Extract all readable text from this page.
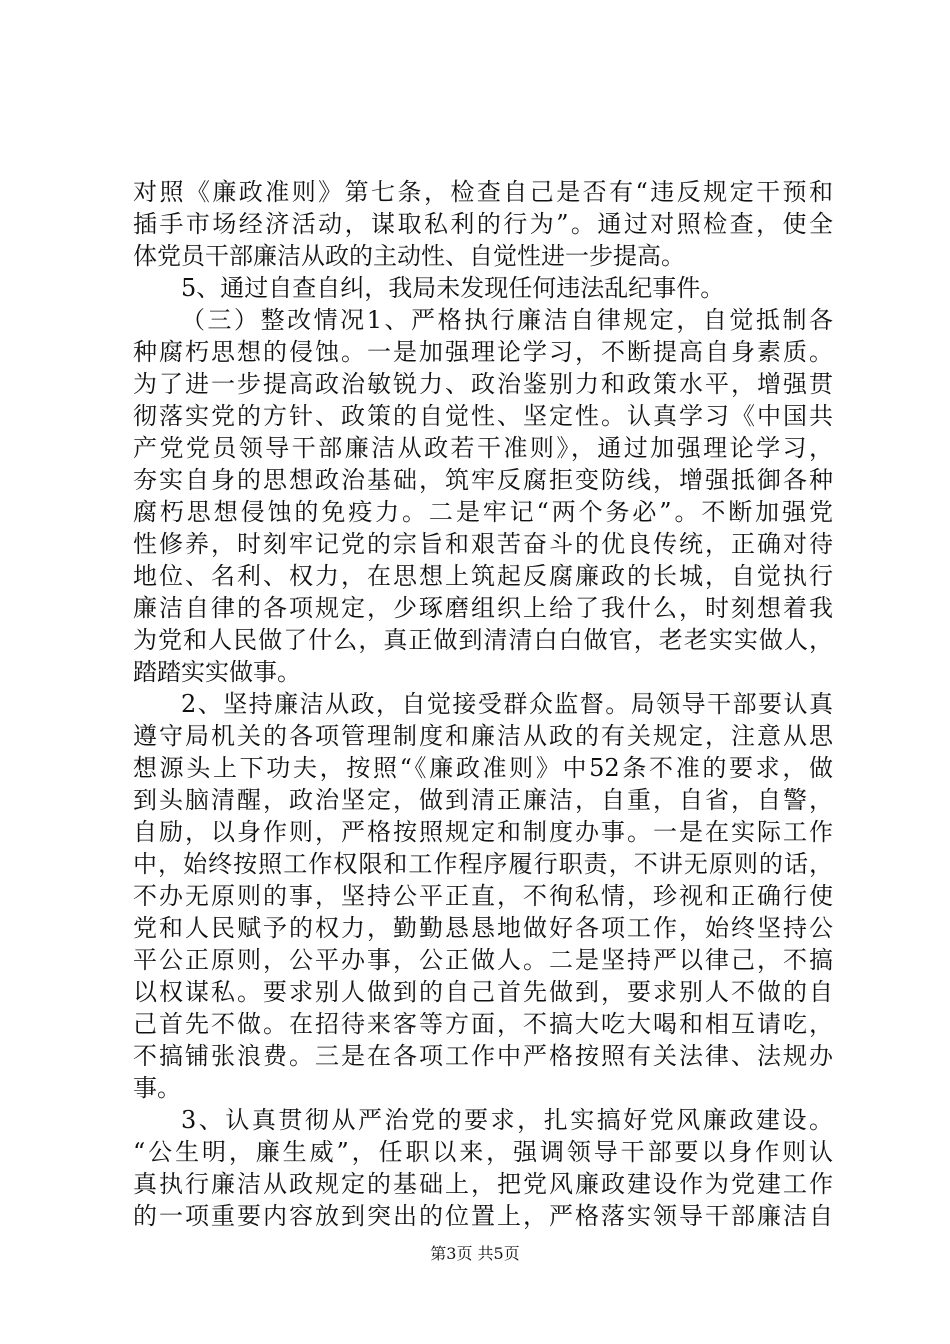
对照《廉政准则》第七条，检查自己是否有“违反规定干预和
插手市场经济活动，谋取私利的行为”。通过对照检查，使全
体党员干部廉洁从政的主动性、自觉性进一步提高。
5、通过自查自纠，我局未发现任何违法乱纪事件。
（三）整改情况1、严格执行廉洁自律规定，自觉抵制各
种腐朽思想的侵蚀。一是加强理论学习，不断提高自身素质。
为了进一步提高政治敏锐力、政治鉴别力和政策水平，增强贯
彻落实党的方针、政策的自觉性、坚定性。认真学习《中国共
产党党员领导干部廉洁从政若干准则》，通过加强理论学习，
夯实自身的思想政治基础，筑牢反腐拒变防线，增强抵御各种
腐朽思想侵蚀的免疫力。二是牢记“两个务必”。不断加强党
性修养，时刻牢记党的宗旨和艰苦奋斗的优良传统，正确对待
地位、名利、权力，在思想上筑起反腐廉政的长城，自觉执行
廉洁自律的各项规定，少琢磨组织上给了我什么，时刻想着我
为党和人民做了什么，真正做到清清白白做官，老老实实做人，
踏踏实实做事。
2、坚持廉洁从政，自觉接受群众监督。局领导干部要认真
遵守局机关的各项管理制度和廉洁从政的有关规定，注意从思
想源头上下功夫，按照“《廉政准则》中52条不准的要求，做
到头脑清醒，政治坚定，做到清正廉洁，自重，自省，自警，
自励，以身作则，严格按照规定和制度办事。一是在实际工作
中，始终按照工作权限和工作程序履行职责，不讲无原则的话，
不办无原则的事，坚持公平正直，不徇私情，珍视和正确行使
党和人民赋予的权力，勤勤恳恳地做好各项工作，始终坚持公
平公正原则，公平办事，公正做人。二是坚持严以律己，不搞
以权谋私。要求别人做到的自己首先做到，要求别人不做的自
己首先不做。在招待来客等方面，不搞大吃大喝和相互请吃，
不搞铺张浪费。三是在各项工作中严格按照有关法律、法规办
事。
3、认真贯彻从严治党的要求，扎实搞好党风廉政建设。
“公生明，廉生威”，任职以来，强调领导干部要以身作则认
真执行廉洁从政规定的基础上，把党风廉政建设作为党建工作
的一项重要内容放到突出的位置上，严格落实领导干部廉洁自
第3页 共5页
